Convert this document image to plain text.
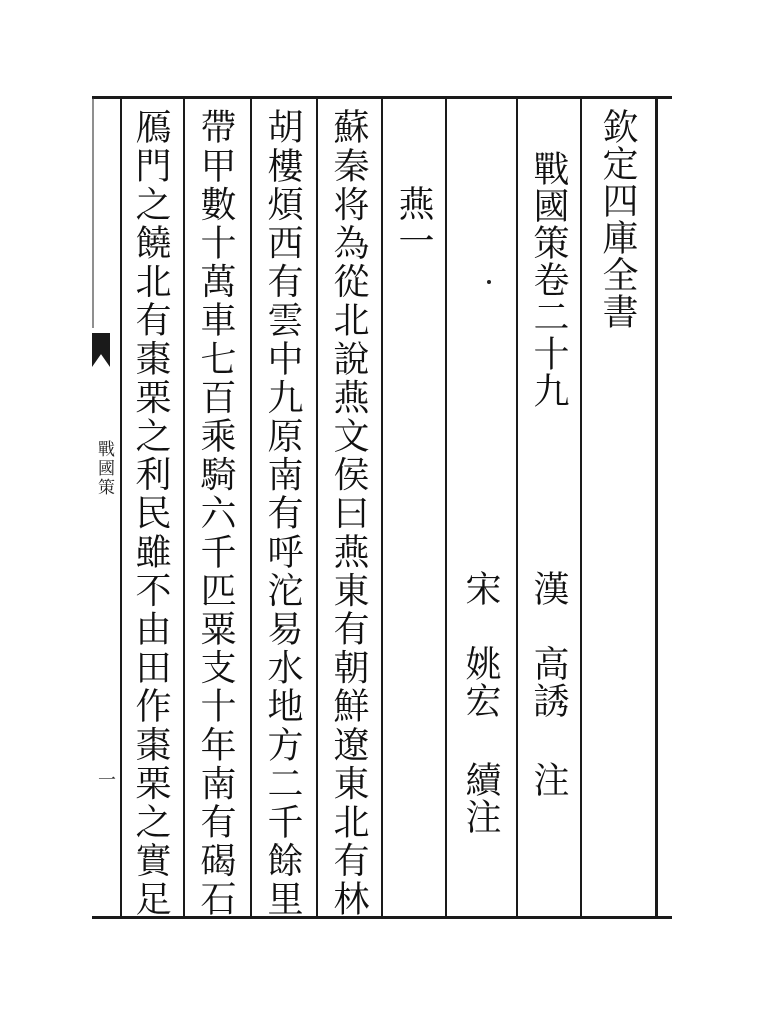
戰國策
一
欽定四庫全書
戰國策卷二十九
漢
高誘 注
宋
姚宏 續注
燕一
蘇秦将為從北說燕文侯曰燕東有朝鮮遼東北有林
胡樓煩西有雲中九原南有呼沱易水地方二千餘里
帶甲數十萬車七百乘騎六千匹粟支十年南有碣石
鴈門之饒北有棗栗之利民雖不由田作棗栗之實足
